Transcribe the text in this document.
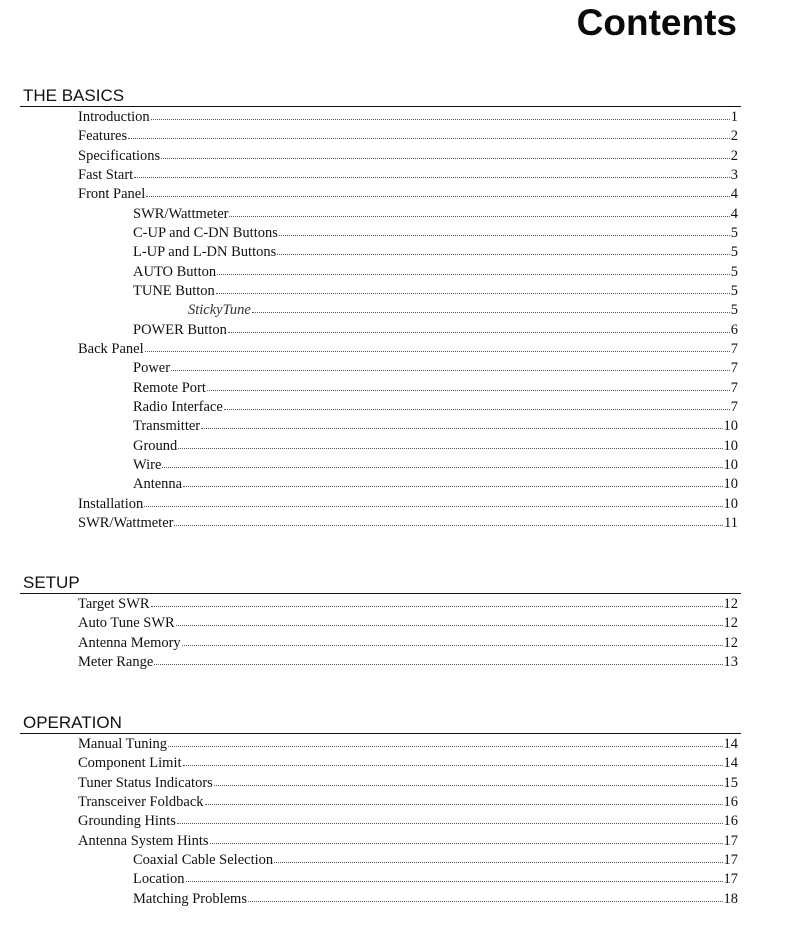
Contents
THE BASICS
Introduction	1
Features	2
Specifications	2
Fast Start	3
Front Panel	4
SWR/Wattmeter	4
C-UP and C-DN Buttons	5
L-UP and L-DN Buttons	5
AUTO Button	5
TUNE Button	5
StickyTune	5
POWER Button	6
Back Panel	7
Power	7
Remote Port	7
Radio Interface	7
Transmitter	10
Ground	10
Wire	10
Antenna	10
Installation	10
SWR/Wattmeter	11
SETUP
Target SWR	12
Auto Tune SWR	12
Antenna Memory	12
Meter Range	13
OPERATION
Manual Tuning	14
Component Limit	14
Tuner Status Indicators	15
Transceiver Foldback	16
Grounding Hints	16
Antenna System Hints	17
Coaxial Cable Selection	17
Location	17
Matching Problems	18
